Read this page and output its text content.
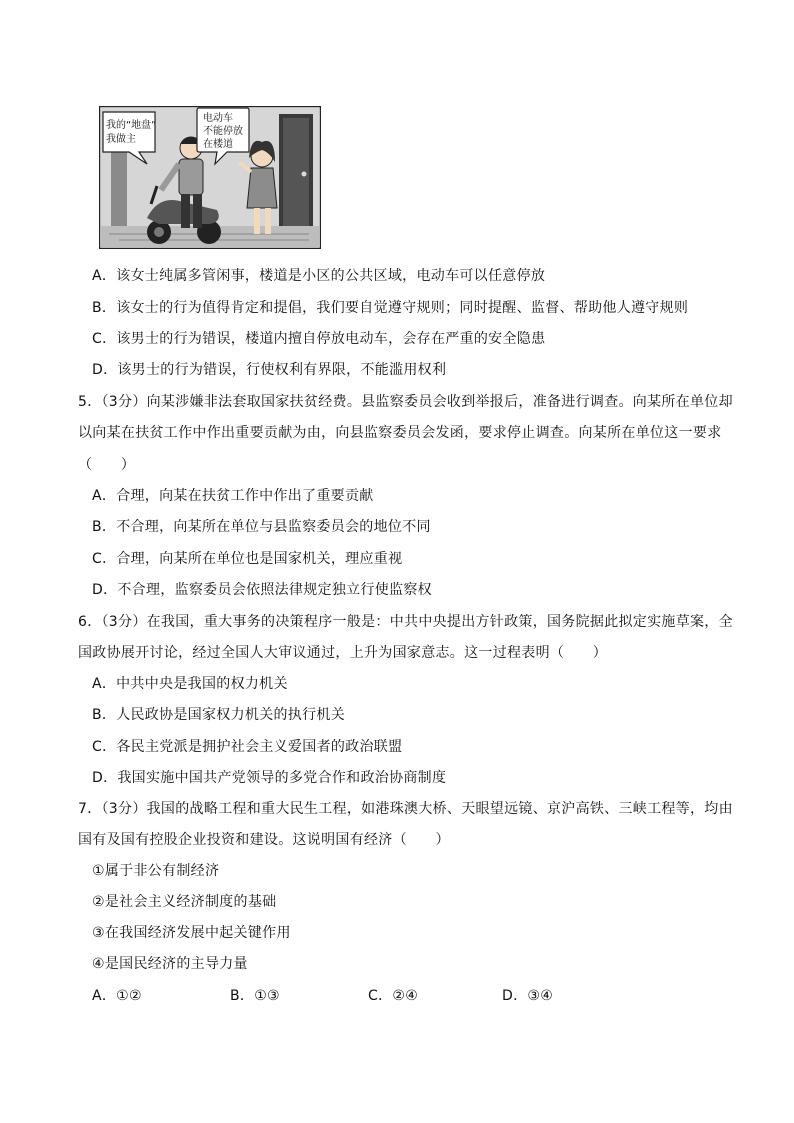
我的“地盘”
我做主
电动车
不能停放
在楼道
A．该女士纯属多管闲事，楼道是小区的公共区域，电动车可以任意停放
B．该女士的行为值得肯定和提倡，我们要自觉遵守规则；同时提醒、监督、帮助他人遵守规则
C．该男士的行为错误，楼道内擅自停放电动车，会存在严重的安全隐患
D．该男士的行为错误，行使权利有界限，不能滥用权利
5．（3分）向某涉嫌非法套取国家扶贫经费。县监察委员会收到举报后，准备进行调查。向某所在单位却
以向某在扶贫工作中作出重要贡献为由，向县监察委员会发函，要求停止调查。向某所在单位这一要求
（　　）
A．合理，向某在扶贫工作中作出了重要贡献
B．不合理，向某所在单位与县监察委员会的地位不同
C．合理，向某所在单位也是国家机关，理应重视
D．不合理，监察委员会依照法律规定独立行使监察权
6．（3分）在我国，重大事务的决策程序一般是：中共中央提出方针政策，国务院据此拟定实施草案，全
国政协展开讨论，经过全国人大审议通过，上升为国家意志。这一过程表明（　　）
A．中共中央是我国的权力机关
B．人民政协是国家权力机关的执行机关
C．各民主党派是拥护社会主义爱国者的政治联盟
D．我国实施中国共产党领导的多党合作和政治协商制度
7．（3分）我国的战略工程和重大民生工程，如港珠澳大桥、天眼望远镜、京沪高铁、三峡工程等，均由
国有及国有控股企业投资和建设。这说明国有经济（　　）
①属于非公有制经济
②是社会主义经济制度的基础
③在我国经济发展中起关键作用
④是国民经济的主导力量
A．①②	B．①③	C．②④	D．③④
